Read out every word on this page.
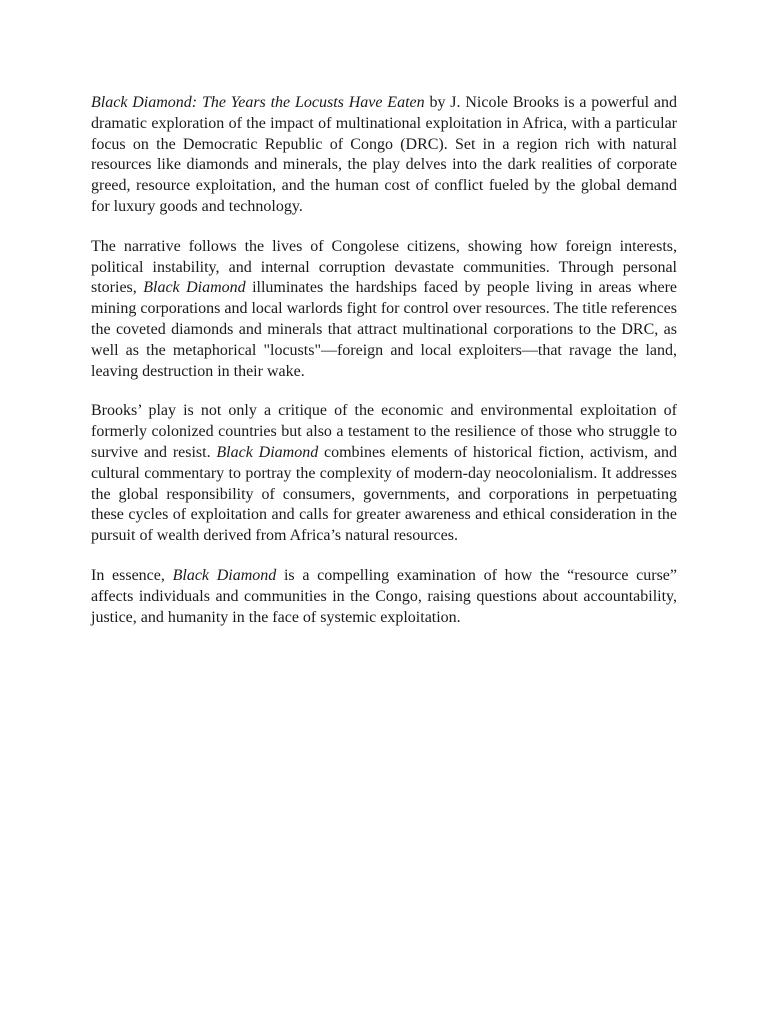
Black Diamond: The Years the Locusts Have Eaten by J. Nicole Brooks is a powerful and dramatic exploration of the impact of multinational exploitation in Africa, with a particular focus on the Democratic Republic of Congo (DRC). Set in a region rich with natural resources like diamonds and minerals, the play delves into the dark realities of corporate greed, resource exploitation, and the human cost of conflict fueled by the global demand for luxury goods and technology.

The narrative follows the lives of Congolese citizens, showing how foreign interests, political instability, and internal corruption devastate communities. Through personal stories, Black Diamond illuminates the hardships faced by people living in areas where mining corporations and local warlords fight for control over resources. The title references the coveted diamonds and minerals that attract multinational corporations to the DRC, as well as the metaphorical "locusts"—foreign and local exploiters—that ravage the land, leaving destruction in their wake.

Brooks’ play is not only a critique of the economic and environmental exploitation of formerly colonized countries but also a testament to the resilience of those who struggle to survive and resist. Black Diamond combines elements of historical fiction, activism, and cultural commentary to portray the complexity of modern-day neocolonialism. It addresses the global responsibility of consumers, governments, and corporations in perpetuating these cycles of exploitation and calls for greater awareness and ethical consideration in the pursuit of wealth derived from Africa’s natural resources.

In essence, Black Diamond is a compelling examination of how the “resource curse” affects individuals and communities in the Congo, raising questions about accountability, justice, and humanity in the face of systemic exploitation.
